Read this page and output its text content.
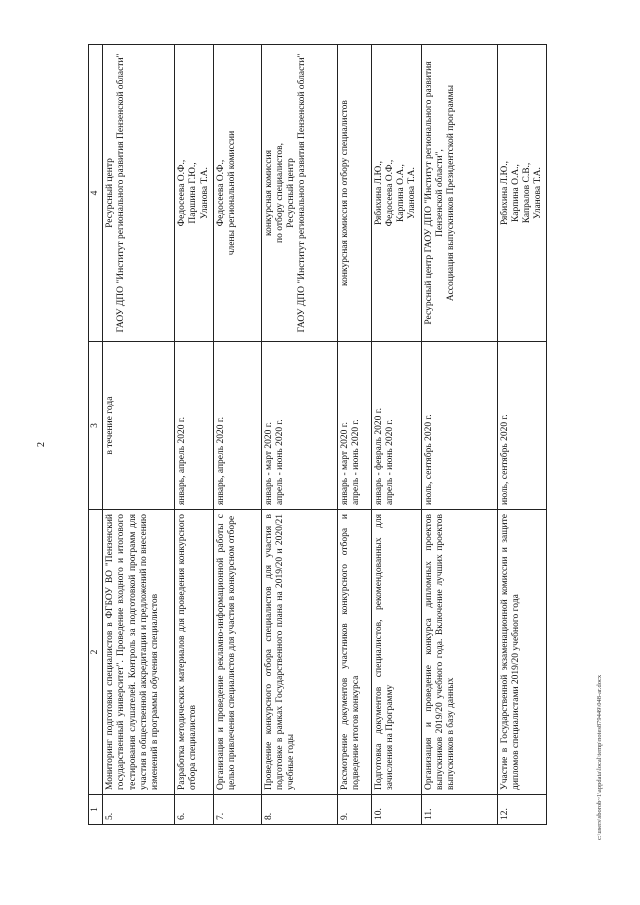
2
c:\users\sborob~1\appdata\local\temp\notes879449\048-ar.docx
1	2	3	4
5.	Мониторинг подготовки специалистов в ФГБОУ ВО "Пензенский государственный университет". Проведение входного и итогового тестирования слушателей. Контроль за подготовкой программ для участия в общественной аккредитации и предложений по внесению изменений в программы обучения специалистов	в течение года	Ресурсный центр ГАОУ ДПО "Институт регионального развития Пензенской области"

6.	Разработка методических материалов для проведения конкурсного отбора специалистов	январь, апрель 2020 г.	Федосеева О.Ф., Паршина Г.Ю., Уланова Т.А.

7.	Организация и проведение рекламно-информационной работы с целью привлечения специалистов для участия в конкурсном отборе	январь, апрель 2020 г.	Федосеева О.Ф., члены региональной комиссии

8.	Проведение конкурсного отбора специалистов для участия в подготовке в рамках Государственного плана на 2019/20 и 2020/21 учебные годы	январь - март 2020 г. апрель - июнь 2020 г.	конкурсная комиссия по отбору специалистов, Ресурсный центр ГАОУ ДПО "Институт регионального развития Пензенской области"

9.	Рассмотрение документов участников конкурсного отбора и подведение итогов конкурса	январь - март 2020 г. апрель - июнь 2020 г.	конкурсная комиссия по отбору специалистов

10.	Подготовка документов специалистов, рекомендованных для зачисления на Программу	январь - февраль 2020 г. апрель - июнь 2020 г.	Рябихина Л.Ю., Федосеева О.Ф., Карпина О.А., Уланова Т.А.

11.	Организация и проведение конкурса дипломных проектов выпускников 2019/20 учебного года. Включение лучших проектов выпускников в базу данных	июль, сентябрь 2020 г.	Ресурсный центр ГАОУ ДПО "Институт регионального развития Пензенской области", Ассоциация выпускников Президентской программы

12.	Участие в Государственной экзаменационной комиссии и защите дипломов специалистами 2019/20 учебного года	июль, сентябрь 2020 г.	Рябихина Л.Ю., Карпина О.А., Капралов С.В., Уланова Т.А.
